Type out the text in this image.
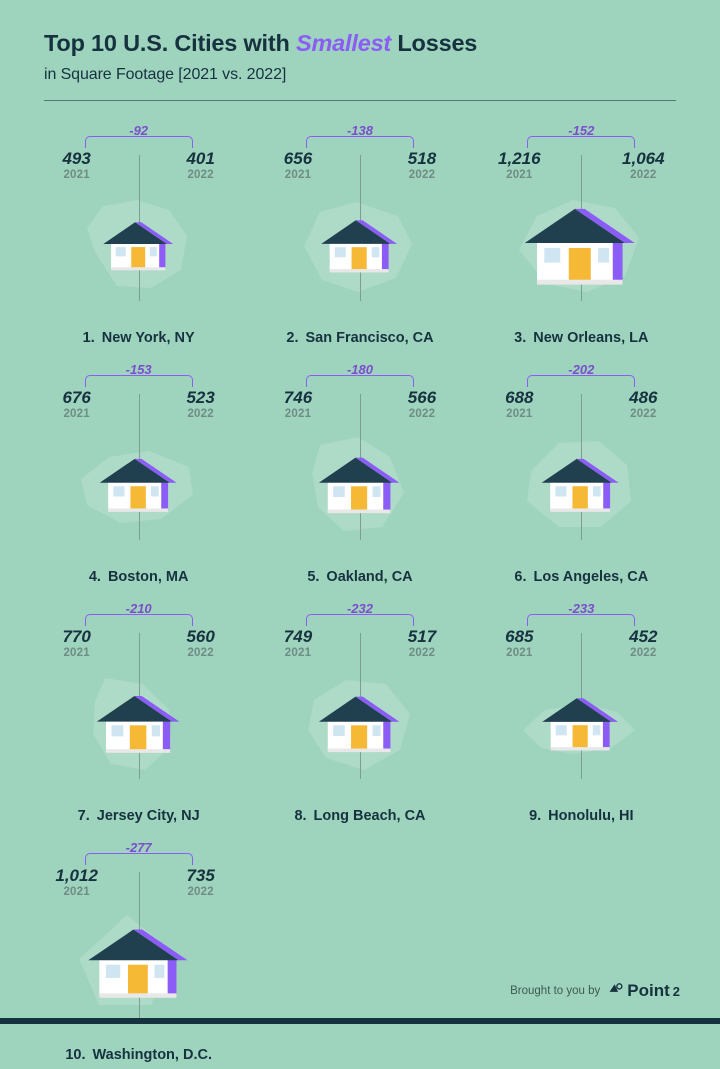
Top 10 U.S. Cities with Smallest Losses

in Square Footage [2021 vs. 2022]

-92
493
2021
401
2022
1. New York, NY
-138
656
2021
518
2022
2. San Francisco, CA
-152
1,216
2021
1,064
2022
3. New Orleans, LA
-153
676
2021
523
2022
4. Boston, MA
-180
746
2021
566
2022
5. Oakland, CA
-202
688
2021
486
2022
6. Los Angeles, CA
-210
770
2021
560
2022
7. Jersey City, NJ
-232
749
2021
517
2022
8. Long Beach, CA
-233
685
2021
452
2022
9. Honolulu, HI
-277
1,012
2021
735
2022
10. Washington, D.C.
Brought to you by Point 2
